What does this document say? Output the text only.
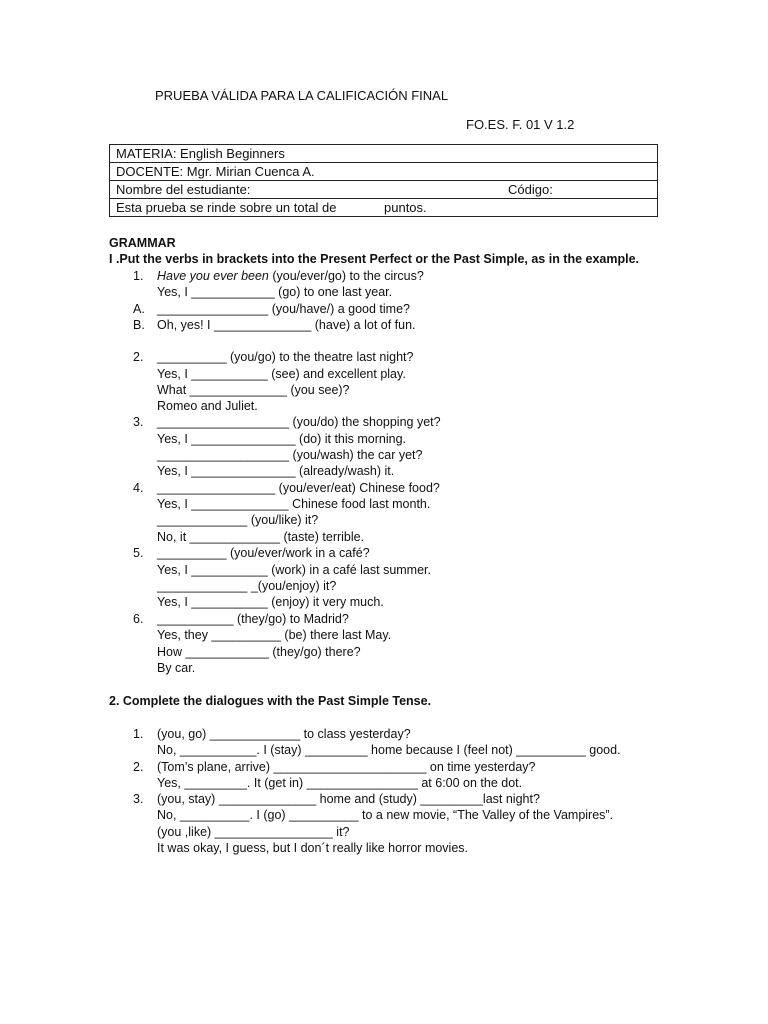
PRUEBA VÁLIDA PARA LA CALIFICACIÓN FINAL
FO.ES. F. 01 V 1.2
MATERIA: English Beginners
DOCENTE: Mgr. Mirian Cuenca A.
Nombre del estudiante:	Código:

Esta prueba se rinde sobre un total de	puntos.
GRAMMAR
I .Put the verbs in brackets into the Present Perfect or the Past Simple, as in the example.
1. Have you ever been (you/ever/go) to the circus?
Yes, I ____________ (go) to one last year.
A. ________________ (you/have/) a good time?
B. Oh, yes! I ______________ (have) a lot of fun.
2. __________ (you/go) to the theatre last night?
Yes, I ___________ (see) and excellent play.
What ______________ (you see)?
Romeo and Juliet.
3. ___________________ (you/do) the shopping yet?
Yes, I _______________ (do) it this morning.
___________________ (you/wash) the car yet?
Yes, I _______________ (already/wash) it.
4. _________________ (you/ever/eat) Chinese food?
Yes, I ______________ Chinese food last month.
_____________ (you/like) it?
No, it _____________ (taste) terrible.
5. __________ (you/ever/work in a café?
Yes, I ___________ (work) in a café last summer.
_____________ _(you/enjoy) it?
Yes, I ___________ (enjoy) it very much.
6. ___________ (they/go) to Madrid?
Yes, they __________ (be) there last May.
How ____________ (they/go) there?
By car.
2. Complete the dialogues with the Past Simple Tense.
1. (you, go) _____________ to class yesterday?
No, ___________. I (stay) _________ home because I (feel not) __________ good.
2. (Tom’s plane, arrive) ______________________ on time yesterday?
Yes, _________. It (get in) ________________ at 6:00 on the dot.
3. (you, stay) ______________ home and (study) _________last night?
No, __________. I (go) __________ to a new movie, “The Valley of the Vampires”.
(you ,like) _________________ it?
It was okay, I guess, but I don´t really like horror movies.
